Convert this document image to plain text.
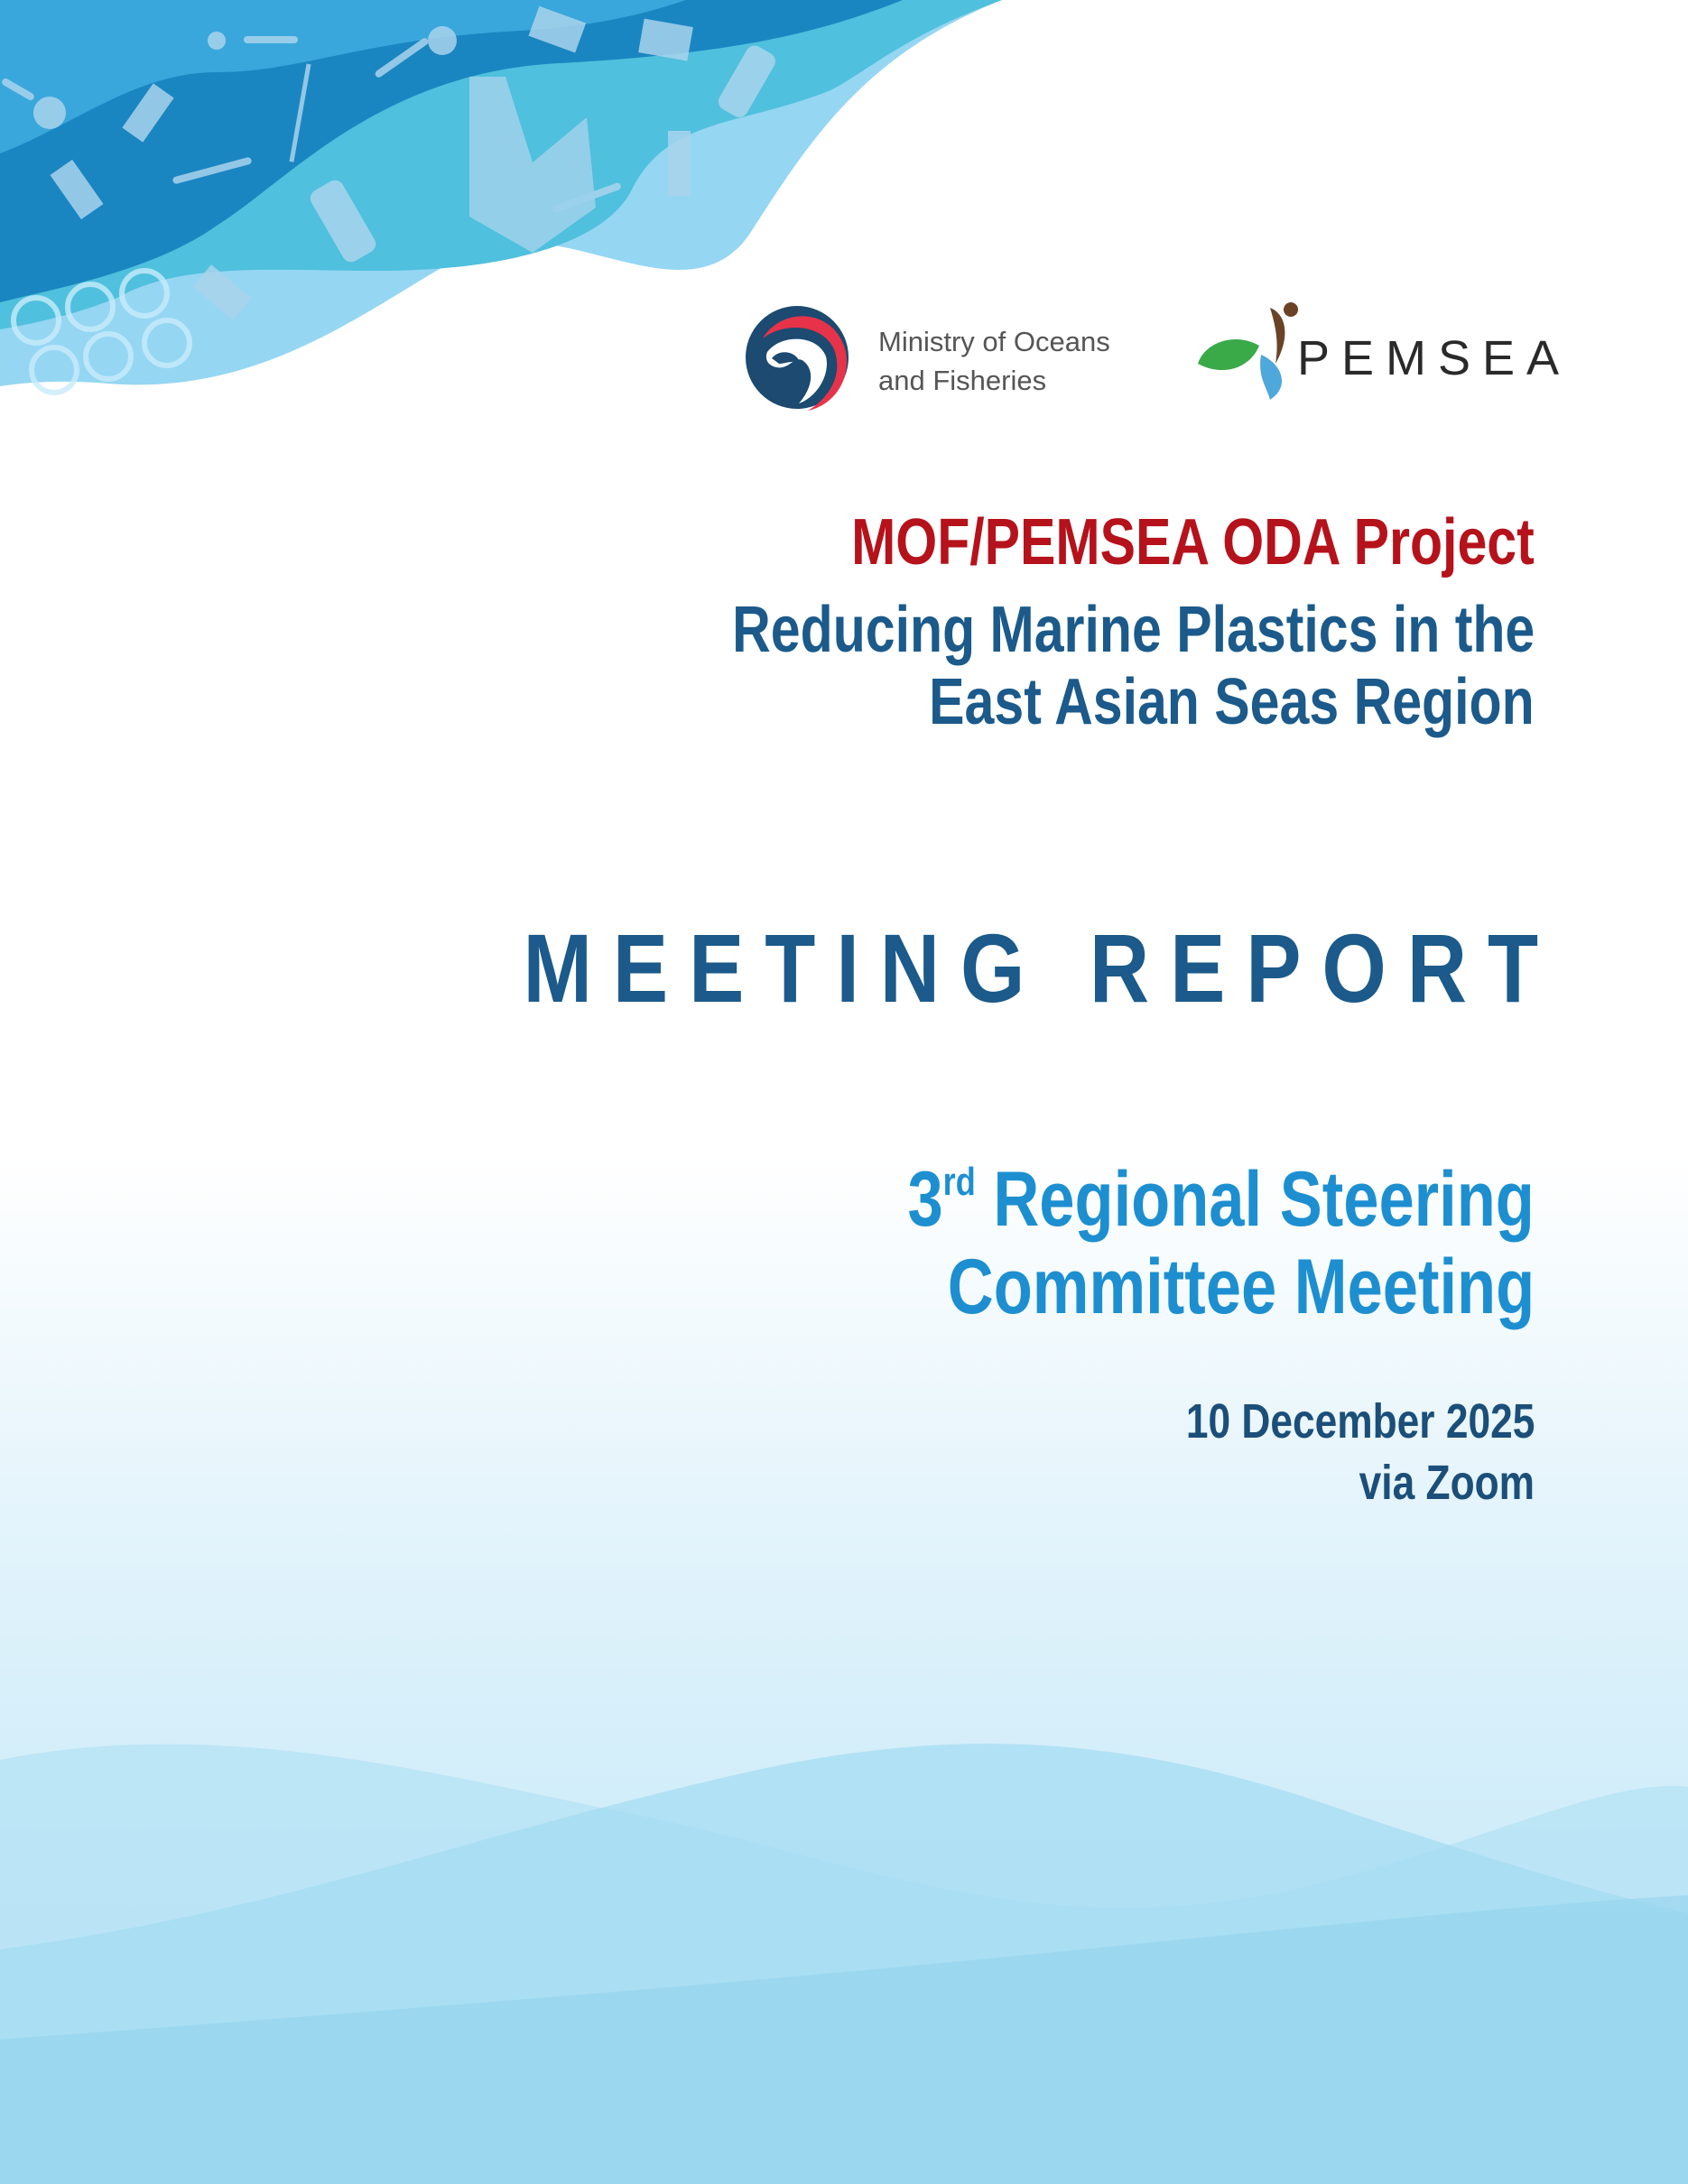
Ministry of Oceans
and Fisheries	PEMSEA
MOF/PEMSEA ODA Project
Reducing Marine Plastics in the
East Asian Seas Region
MEETING REPORT
3rd Regional Steering
Committee Meeting
10 December 2025
via Zoom
